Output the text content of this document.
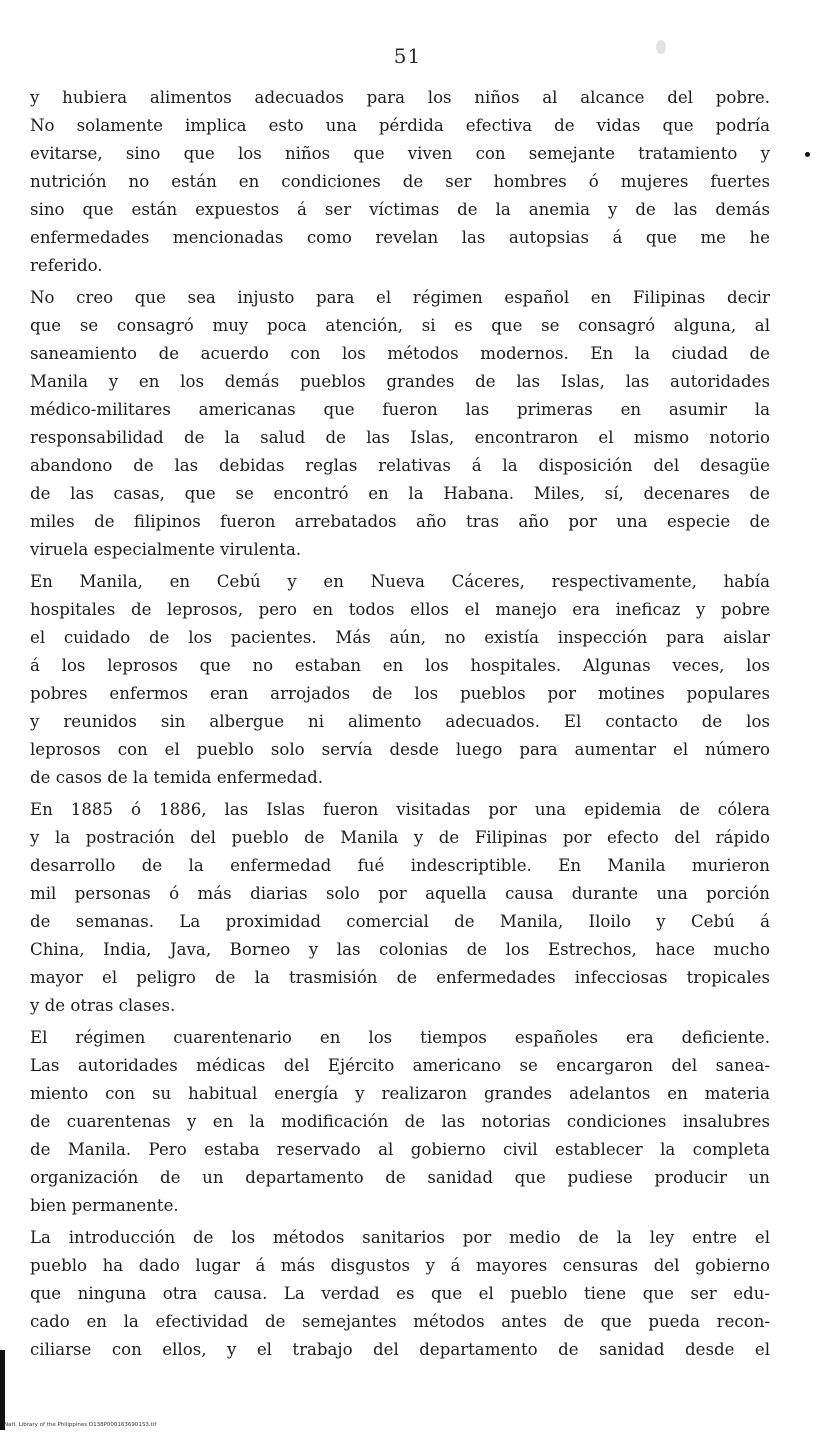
51
y hubiera alimentos adecuados para los niños al alcance del pobre.
No solamente implica esto una pérdida efectiva de vidas que podría
evitarse, sino que los niños que viven con semejante tratamiento y
nutrición no están en condiciones de ser hombres ó mujeres fuertes
sino que están expuestos á ser víctimas de la anemia y de las demás
enfermedades mencionadas como revelan las autopsias á que me he
referido.
No creo que sea injusto para el régimen español en Filipinas decir
que se consagró muy poca atención, si es que se consagró alguna, al
saneamiento de acuerdo con los métodos modernos. En la ciudad de
Manila y en los demás pueblos grandes de las Islas, las autoridades
médico-militares americanas que fueron las primeras en asumir la
responsabilidad de la salud de las Islas, encontraron el mismo notorio
abandono de las debidas reglas relativas á la disposición del desagüe
de las casas, que se encontró en la Habana. Miles, sí, decenares de
miles de filipinos fueron arrebatados año tras año por una especie de
viruela especialmente virulenta.
En Manila, en Cebú y en Nueva Cáceres, respectivamente, había
hospitales de leprosos, pero en todos ellos el manejo era ineficaz y pobre
el cuidado de los pacientes. Más aún, no existía inspección para aislar
á los leprosos que no estaban en los hospitales. Algunas veces, los
pobres enfermos eran arrojados de los pueblos por motines populares
y reunidos sin albergue ni alimento adecuados. El contacto de los
leprosos con el pueblo solo servía desde luego para aumentar el número
de casos de la temida enfermedad.
En 1885 ó 1886, las Islas fueron visitadas por una epidemia de cólera
y la postración del pueblo de Manila y de Filipinas por efecto del rápido
desarrollo de la enfermedad fué indescriptible. En Manila murieron
mil personas ó más diarias solo por aquella causa durante una porción
de semanas. La proximidad comercial de Manila, Iloilo y Cebú á
China, India, Java, Borneo y las colonias de los Estrechos, hace mucho
mayor el peligro de la trasmisión de enfermedades infecciosas tropicales
y de otras clases.
El régimen cuarentenario en los tiempos españoles era deficiente.
Las autoridades médicas del Ejército americano se encargaron del sanea-
miento con su habitual energía y realizaron grandes adelantos en materia
de cuarentenas y en la modificación de las notorias condiciones insalubres
de Manila. Pero estaba reservado al gobierno civil establecer la completa
organización de un departamento de sanidad que pudiese producir un
bien permanente.
La introducción de los métodos sanitarios por medio de la ley entre el
pueblo ha dado lugar á más disgustos y á mayores censuras del gobierno
que ninguna otra causa. La verdad es que el pueblo tiene que ser edu-
cado en la efectividad de semejantes métodos antes de que pueda recon-
ciliarse con ellos, y el trabajo del departamento de sanidad desde el
Natl. Library of the Philippines D138P0001636901S3.tif
